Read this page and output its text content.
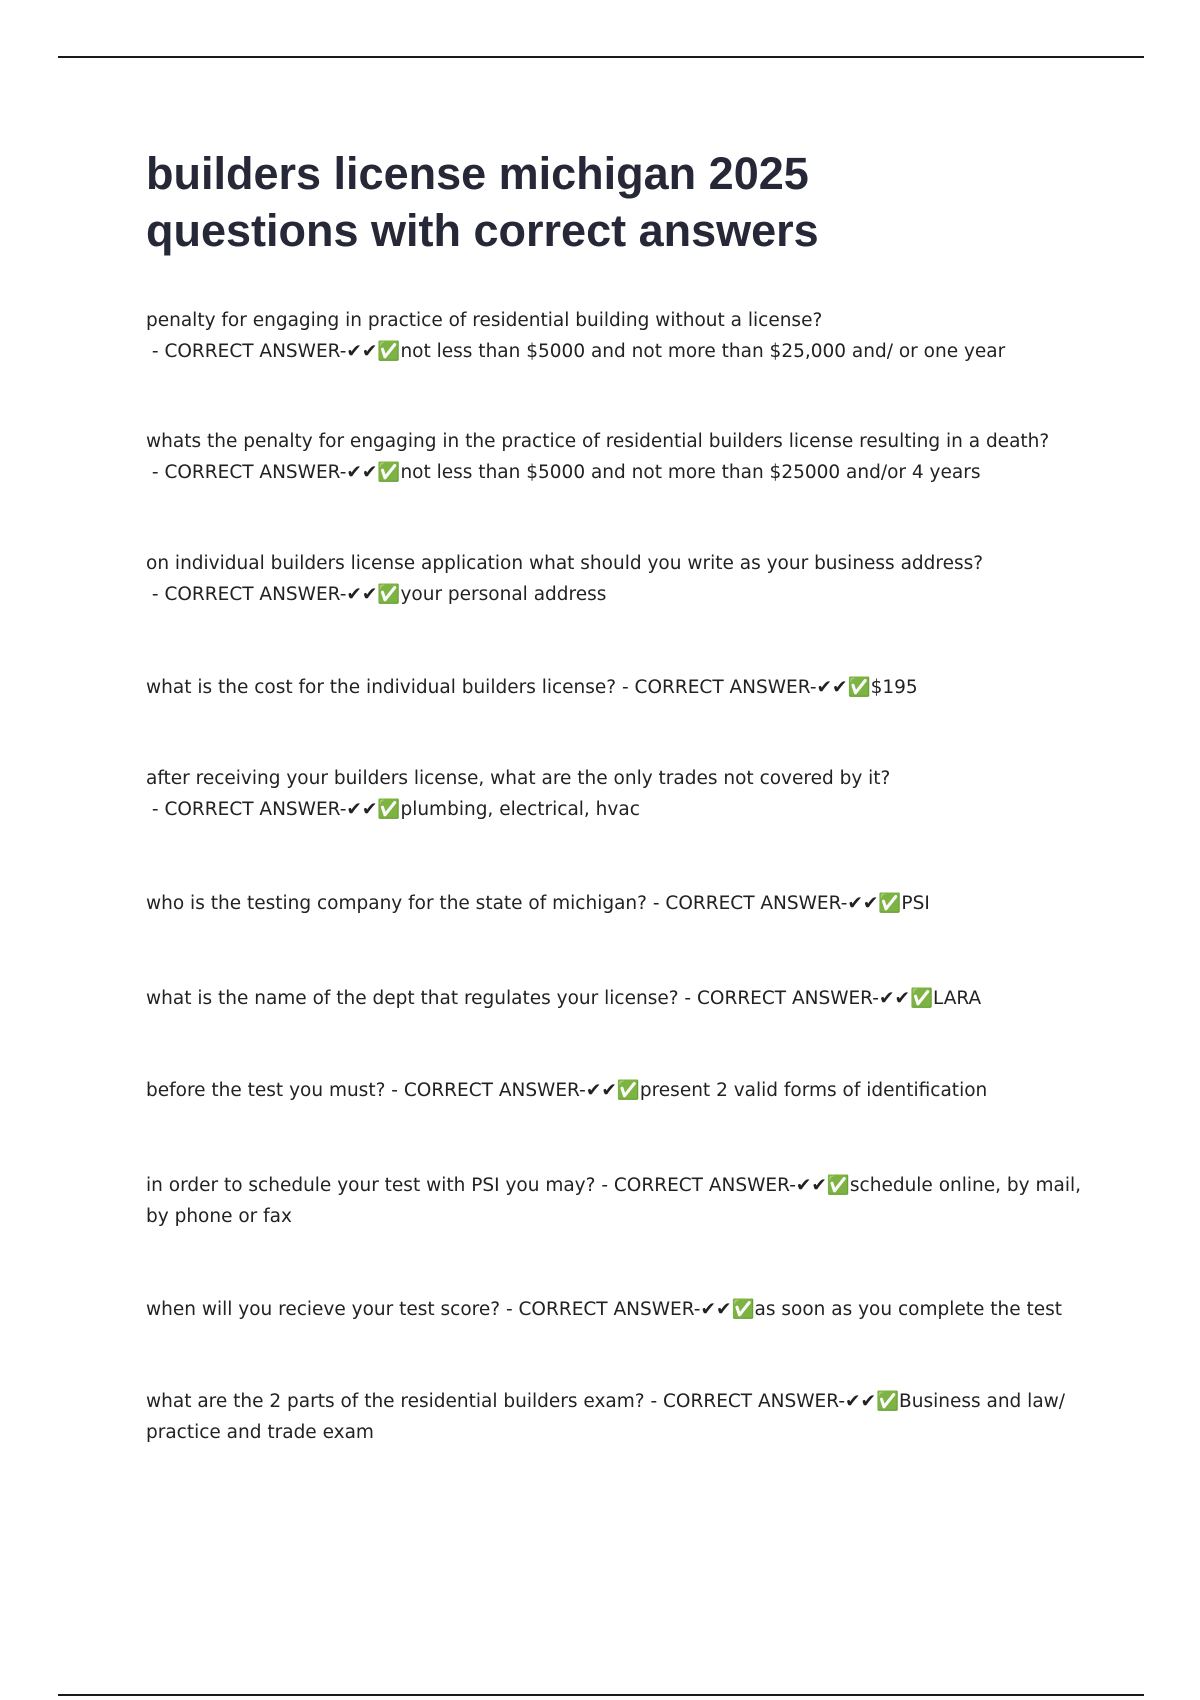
builders license michigan 2025
questions with correct answers

penalty for engaging in practice of residential building without a license? - CORRECT ANSWER-✔✔✅not less than $5000 and not more than $25,000 and/ or one year

whats the penalty for engaging in the practice of residential builders license resulting in a death? - CORRECT ANSWER-✔✔✅not less than $5000 and not more than $25000 and/or 4 years

on individual builders license application what should you write as your business address? - CORRECT ANSWER-✔✔✅your personal address

what is the cost for the individual builders license? - CORRECT ANSWER-✔✔✅$195

after receiving your builders license, what are the only trades not covered by it? - CORRECT ANSWER-✔✔✅plumbing, electrical, hvac

who is the testing company for the state of michigan? - CORRECT ANSWER-✔✔✅PSI

what is the name of the dept that regulates your license? - CORRECT ANSWER-✔✔✅LARA

before the test you must? - CORRECT ANSWER-✔✔✅present 2 valid forms of identification

in order to schedule your test with PSI you may? - CORRECT ANSWER-✔✔✅schedule online, by mail, by phone or fax

when will you recieve your test score? - CORRECT ANSWER-✔✔✅as soon as you complete the test

what are the 2 parts of the residential builders exam? - CORRECT ANSWER-✔✔✅Business and law/ practice and trade exam
